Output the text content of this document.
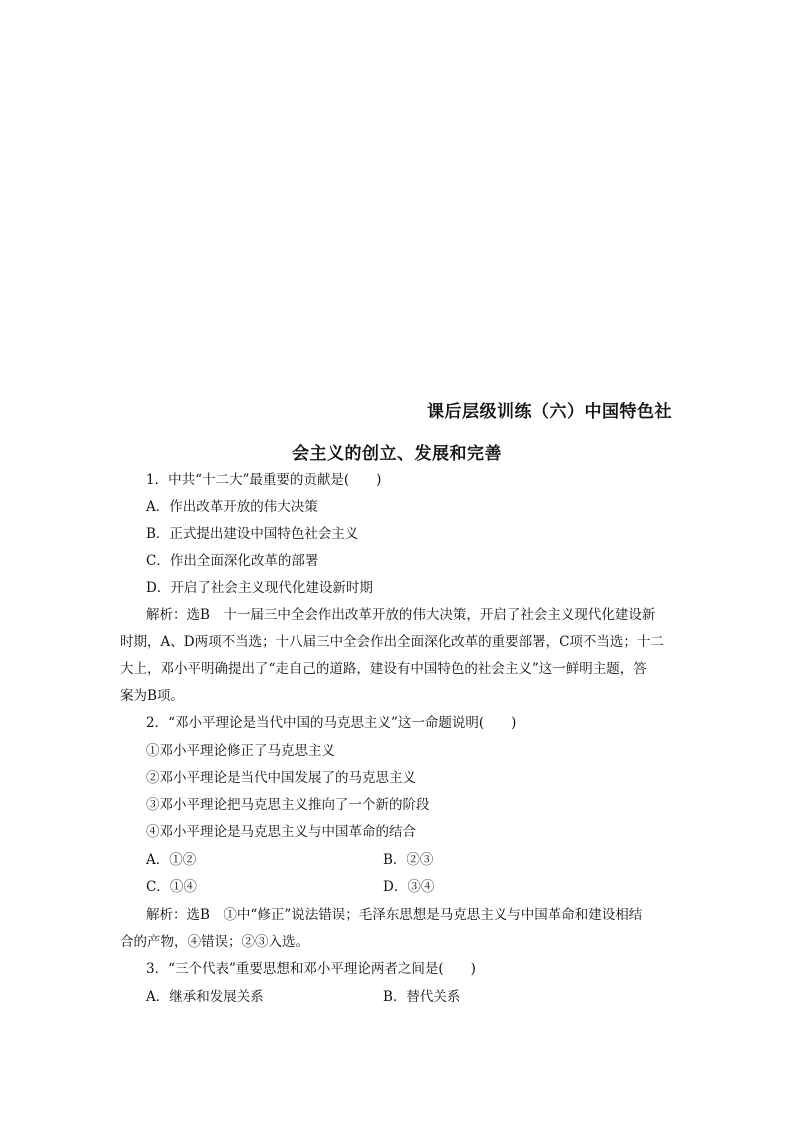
课后层级训练（六）中国特色社
会主义的创立、发展和完善
1．中共“十二大”最重要的贡献是(　　)
A．作出改革开放的伟大决策
B．正式提出建设中国特色社会主义
C．作出全面深化改革的部署
D．开启了社会主义现代化建设新时期
解析：选B　十一届三中全会作出改革开放的伟大决策，开启了社会主义现代化建设新
时期，A、D两项不当选；十八届三中全会作出全面深化改革的重要部署，C项不当选；十二
大上，邓小平明确提出了“走自己的道路，建设有中国特色的社会主义”这一鲜明主题，答
案为B项。
2．“邓小平理论是当代中国的马克思主义”这一命题说明(　　)
①邓小平理论修正了马克思主义
②邓小平理论是当代中国发展了的马克思主义
③邓小平理论把马克思主义推向了一个新的阶段
④邓小平理论是马克思主义与中国革命的结合
A．①②	B．②③
C．①④	D．③④
解析：选B　①中“修正”说法错误；毛泽东思想是马克思主义与中国革命和建设相结
合的产物，④错误；②③入选。
3．“三个代表”重要思想和邓小平理论两者之间是(　　)
A．继承和发展关系	B．替代关系
